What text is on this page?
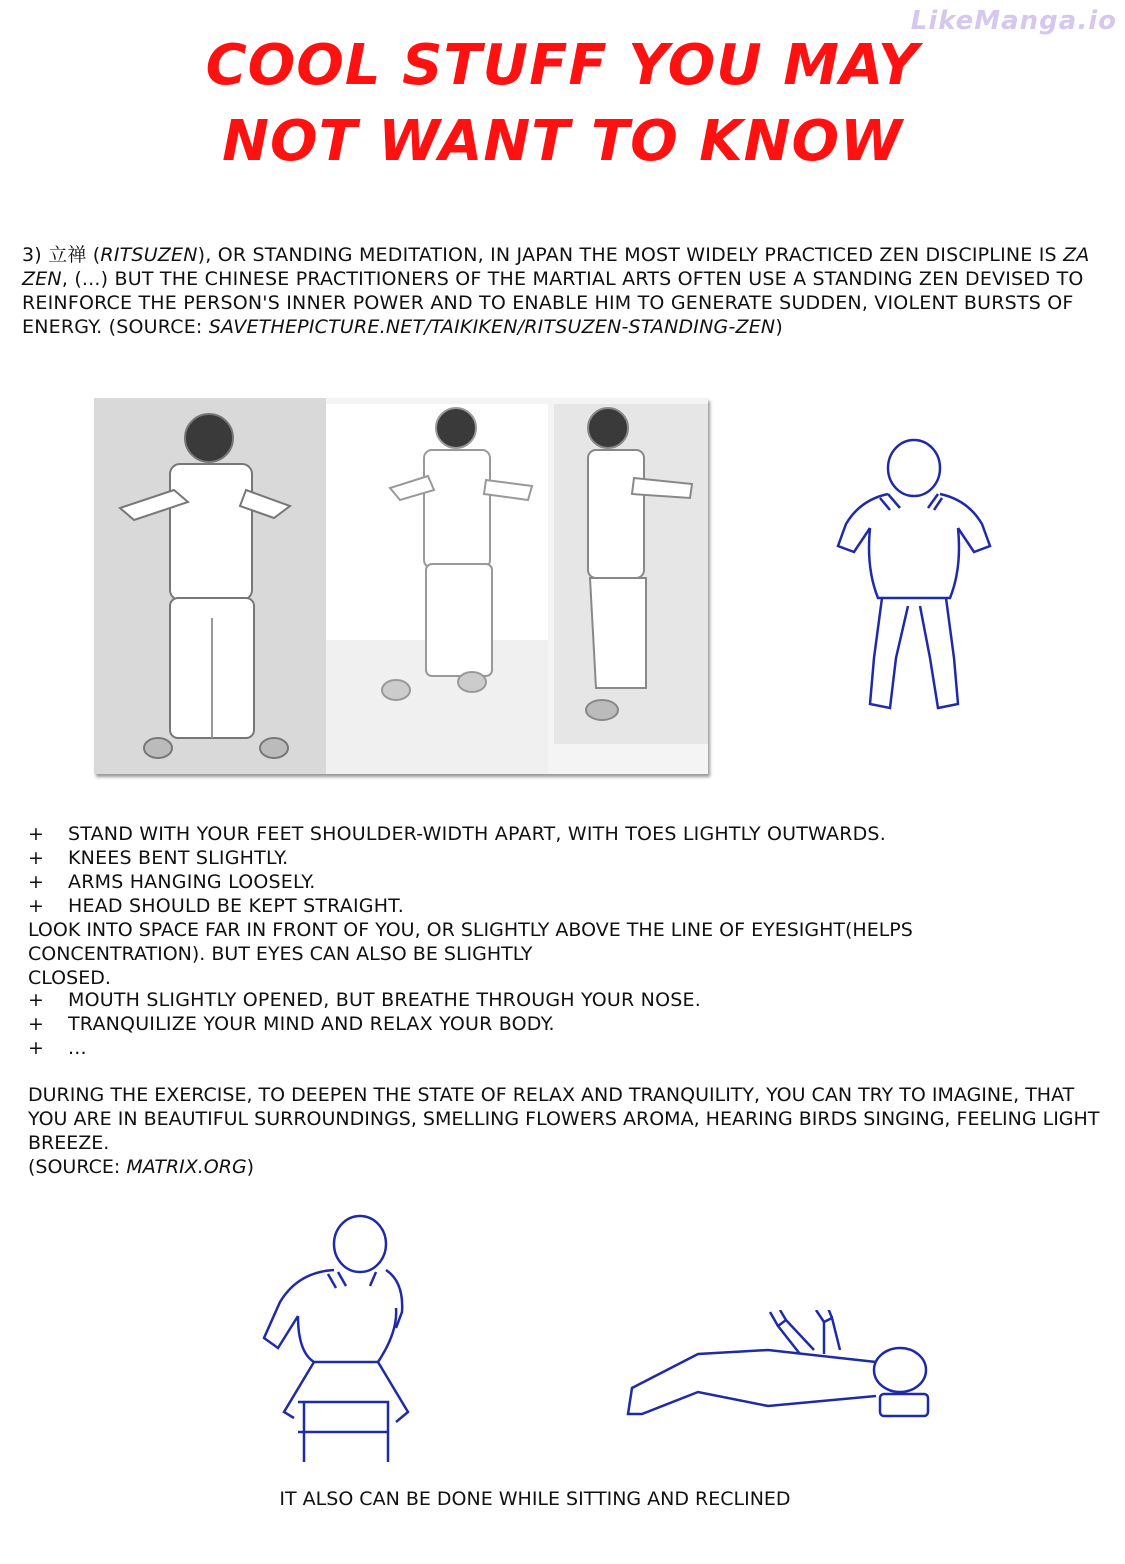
LikeManga.io
COOL STUFF YOU MAY
NOT WANT TO KNOW
3) 立禅 (RITSUZEN), OR STANDING MEDITATION, IN JAPAN THE MOST WIDELY PRACTICED ZEN DISCIPLINE IS ZA ZEN, (...) BUT THE CHINESE PRACTITIONERS OF THE MARTIAL ARTS OFTEN USE A STANDING ZEN DEVISED TO REINFORCE THE PERSON'S INNER POWER AND TO ENABLE HIM TO GENERATE SUDDEN, VIOLENT BURSTS OF ENERGY. (SOURCE: SAVETHEPICTURE.NET/TAIKIKEN/RITSUZEN-STANDING-ZEN)
+ STAND WITH YOUR FEET SHOULDER-WIDTH APART, WITH TOES LIGHTLY OUTWARDS.
+ KNEES BENT SLIGHTLY.
+ ARMS HANGING LOOSELY.
+ HEAD SHOULD BE KEPT STRAIGHT.
LOOK INTO SPACE FAR IN FRONT OF YOU, OR SLIGHTLY ABOVE THE LINE OF EYESIGHT(HELPS CONCENTRATION). BUT EYES CAN ALSO BE SLIGHTLY
CLOSED.
+ MOUTH SLIGHTLY OPENED, BUT BREATHE THROUGH YOUR NOSE.
+ TRANQUILIZE YOUR MIND AND RELAX YOUR BODY.
+ ...
DURING THE EXERCISE, TO DEEPEN THE STATE OF RELAX AND TRANQUILITY, YOU CAN TRY TO IMAGINE, THAT YOU ARE IN BEAUTIFUL SURROUNDINGS, SMELLING FLOWERS AROMA, HEARING BIRDS SINGING, FEELING LIGHT BREEZE.
(SOURCE: MATRIX.ORG)
IT ALSO CAN BE DONE WHILE SITTING AND RECLINED
